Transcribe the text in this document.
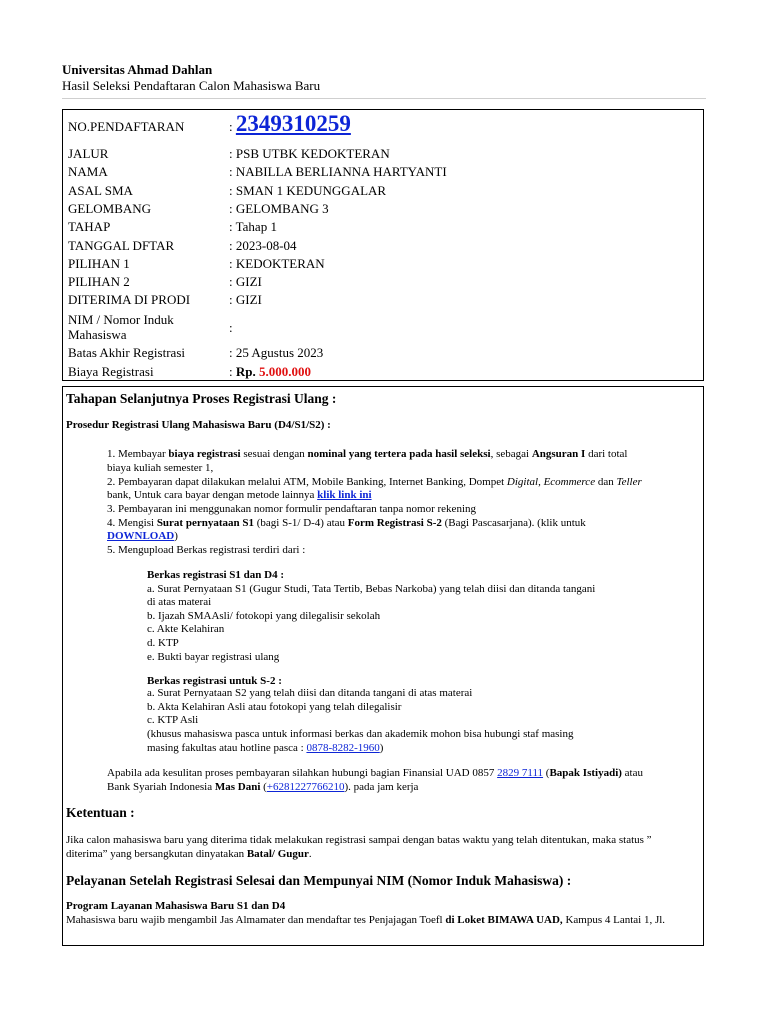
Universitas Ahmad Dahlan
Hasil Seleksi Pendaftaran Calon Mahasiswa Baru
NO.PENDAFTARAN	: 2349310259
JALUR	: PSB UTBK KEDOKTERAN
NAMA	: NABILLA BERLIANNA HARTYANTI
ASAL SMA	: SMAN 1 KEDUNGGALAR
GELOMBANG	: GELOMBANG 3
TAHAP	: Tahap 1
TANGGAL DFTAR	: 2023-08-04
PILIHAN 1	: KEDOKTERAN
PILIHAN 2	: GIZI
DITERIMA DI PRODI	: GIZI
NIM / Nomor Induk
Mahasiswa	:
Batas Akhir Registrasi	: 25 Agustus 2023
Biaya Registrasi	: Rp. 5.000.000
Tahapan Selanjutnya Proses Registrasi Ulang :
Prosedur Registrasi Ulang Mahasiswa Baru (D4/S1/S2) :
1. Membayar biaya registrasi sesuai dengan nominal yang tertera pada hasil seleksi, sebagai Angsuran I dari total
biaya kuliah semester 1,
2. Pembayaran dapat dilakukan melalui ATM, Mobile Banking, Internet Banking, Dompet Digital, Ecommerce dan Teller
bank, Untuk cara bayar dengan metode lainnya klik link ini
3. Pembayaran ini menggunakan nomor formulir pendaftaran tanpa nomor rekening
4. Mengisi Surat pernyataan S1 (bagi S-1/ D-4) atau Form Registrasi S-2 (Bagi Pascasarjana). (klik untuk
DOWNLOAD)
5. Mengupload Berkas registrasi terdiri dari :
Berkas registrasi S1 dan D4 :
a. Surat Pernyataan S1 (Gugur Studi, Tata Tertib, Bebas Narkoba) yang telah diisi dan ditanda tangani
di atas materai
b. Ijazah SMAAsli/ fotokopi yang dilegalisir sekolah
c. Akte Kelahiran
d. KTP
e. Bukti bayar registrasi ulang
Berkas registrasi untuk S-2 :
a. Surat Pernyataan S2 yang telah diisi dan ditanda tangani di atas materai
b. Akta Kelahiran Asli atau fotokopi yang telah dilegalisir
c. KTP Asli
(khusus mahasiswa pasca untuk informasi berkas dan akademik mohon bisa hubungi staf masing
masing fakultas atau hotline pasca : 0878-8282-1960)
Apabila ada kesulitan proses pembayaran silahkan hubungi bagian Finansial UAD 0857 2829 7111 (Bapak Istiyadi) atau
Bank Syariah Indonesia Mas Dani (+6281227766210). pada jam kerja
Ketentuan :
Jika calon mahasiswa baru yang diterima tidak melakukan registrasi sampai dengan batas waktu yang telah ditentukan, maka status ”
diterima” yang bersangkutan dinyatakan Batal/ Gugur.
Pelayanan Setelah Registrasi Selesai dan Mempunyai NIM (Nomor Induk Mahasiswa) :
Program Layanan Mahasiswa Baru S1 dan D4
Mahasiswa baru wajib mengambil Jas Almamater dan mendaftar tes Penjajagan Toefl di Loket BIMAWA UAD, Kampus 4 Lantai 1, Jl.
